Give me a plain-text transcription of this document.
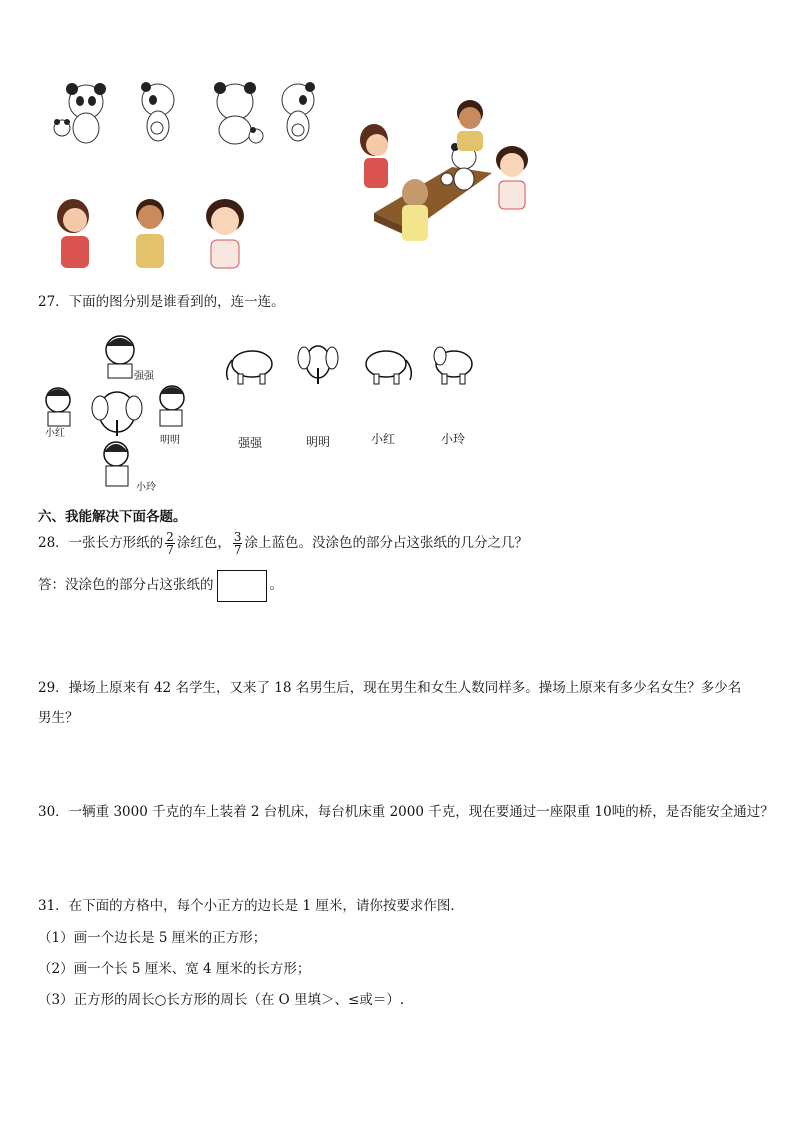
27．下面的图分别是谁看到的，连一连。
强强
小红
明明
小玲
强强	明明	小红	小玲
六、我能解决下面各题。
28．一张长方形纸的 $\frac{2}{7}$ 涂红色， $\frac{3}{7}$ 涂上蓝色。没涂色的部分占这张纸的几分之几？
答：没涂色的部分占这张纸的	。
29．操场上原来有 42 名学生，又来了 18 名男生后，现在男生和女生人数同样多。操场上原来有多少名女生？多少名
男生？
30．一辆重 3000 千克的车上装着 2 台机床，每台机床重 2000 千克，现在要通过一座限重 10吨的桥，是否能安全通过？
31．在下面的方格中，每个小正方的边长是 1 厘米，请你按要求作图．
（1）画一个边长是 5 厘米的正方形；
（2）画一个长 5 厘米、宽 4 厘米的长方形；
（3）正方形的周长○长方形的周长（在 O 里填＞、≤或＝）.
